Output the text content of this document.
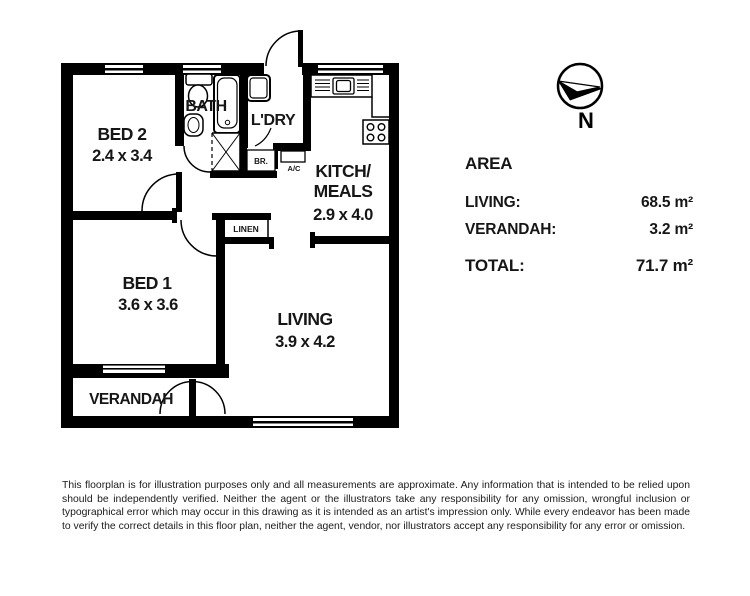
BED 2
2.4 x 3.4
BATH
L'DRY
KITCH/
MEALS
2.9 x 4.0
BED 1
3.6 x 3.6
LIVING
3.9 x 4.2
VERANDAH
LINEN
BR.
A/C
N
AREA
LIVING:	68.5 m²
VERANDAH:	3.2 m²
TOTAL:	71.7 m²
This floorplan is for illustration purposes only and all measurements are approximate. Any information that is intended to be relied upon should be independently verified. Neither the agent or the illustrators take any responsibility for any omission, wrongful inclusion or typographical error which may occur in this drawing as it is intended as an artist's impression only. While every endeavor has been made to verify the correct details in this floor plan, neither the agent, vendor, nor illustrators accept any responsibility for any error or omission.
